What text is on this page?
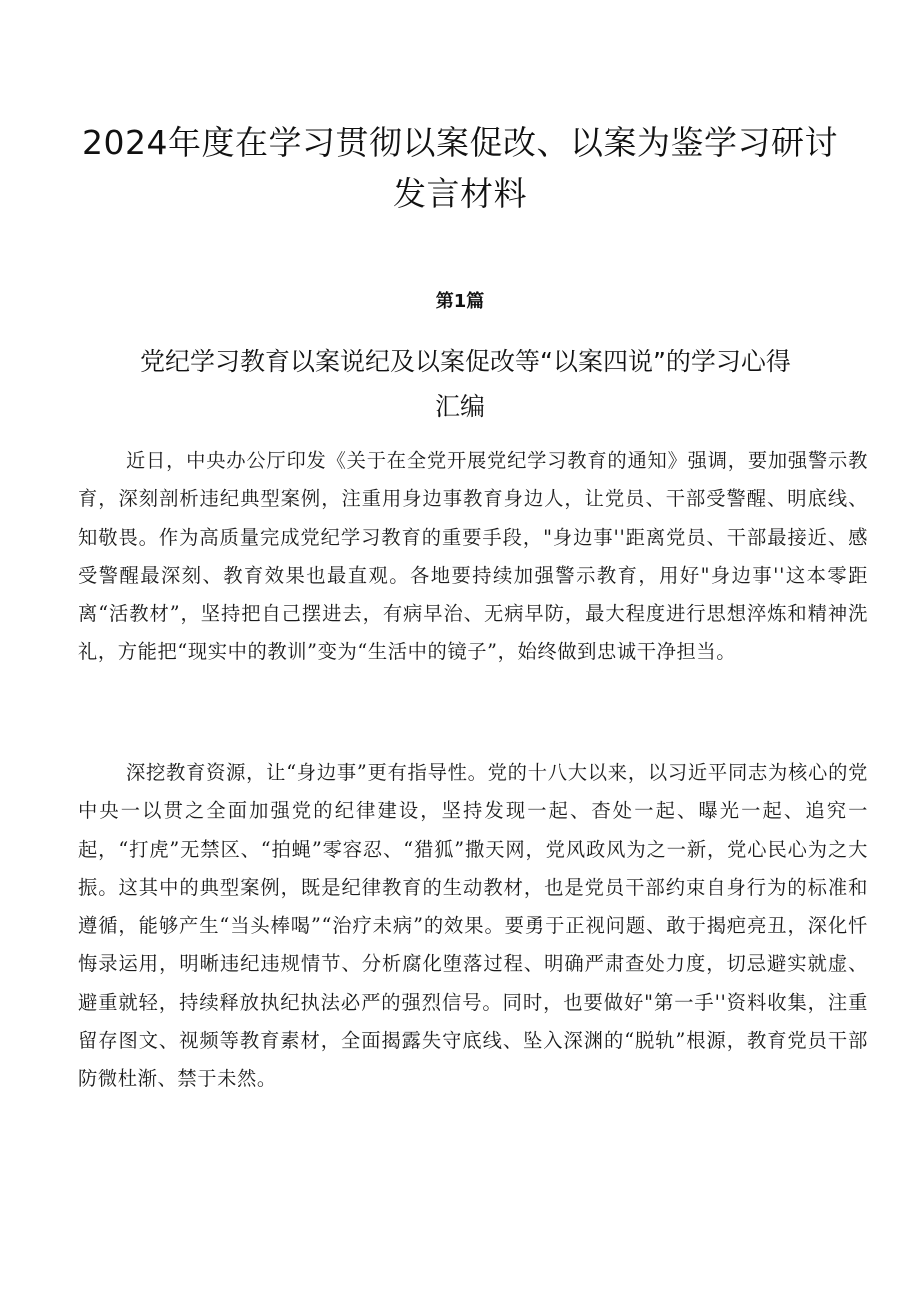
2024年度在学习贯彻以案促改、以案为鉴学习研讨
发言材料
第1篇
党纪学习教育以案说纪及以案促改等“以案四说”的学习心得
汇编

近日，中央办公厅印发《关于在全党开展党纪学习教育的通知》强调，要加强警示教育，深刻剖析违纪典型案例，注重用身边事教育身边人，让党员、干部受警醒、明底线、知敬畏。作为高质量完成党纪学习教育的重要手段，"身边事''距离党员、干部最接近、感受警醒最深刻、教育效果也最直观。各地要持续加强警示教育，用好"身边事''这本零距离“活教材”，坚持把自己摆进去，有病早治、无病早防，最大程度进行思想淬炼和精神洗礼，方能把“现实中的教训”变为“生活中的镜子”，始终做到忠诚干净担当。

深挖教育资源，让“身边事”更有指导性。党的十八大以来，以习近平同志为核心的党中央一以贯之全面加强党的纪律建设，坚持发现一起、杳处一起、曝光一起、追究一起，“打虎”无禁区、“拍蝇”零容忍、“猎狐”撒天网，党风政风为之一新，党心民心为之大振。这其中的典型案例，既是纪律教育的生动教材，也是党员干部约束自身行为的标准和遵循，能够产生“当头棒喝”“治疗未病”的效果。要勇于正视问题、敢于揭疤亮丑，深化忏悔录运用，明晰违纪违规情节、分析腐化堕落过程、明确严肃查处力度，切忌避实就虚、避重就轻，持续释放执纪执法必严的强烈信号。同时，也要做好"第一手''资料收集，注重留存图文、视频等教育素材，全面揭露失守底线、坠入深渊的“脱轨”根源，教育党员干部防微杜渐、禁于未然。
